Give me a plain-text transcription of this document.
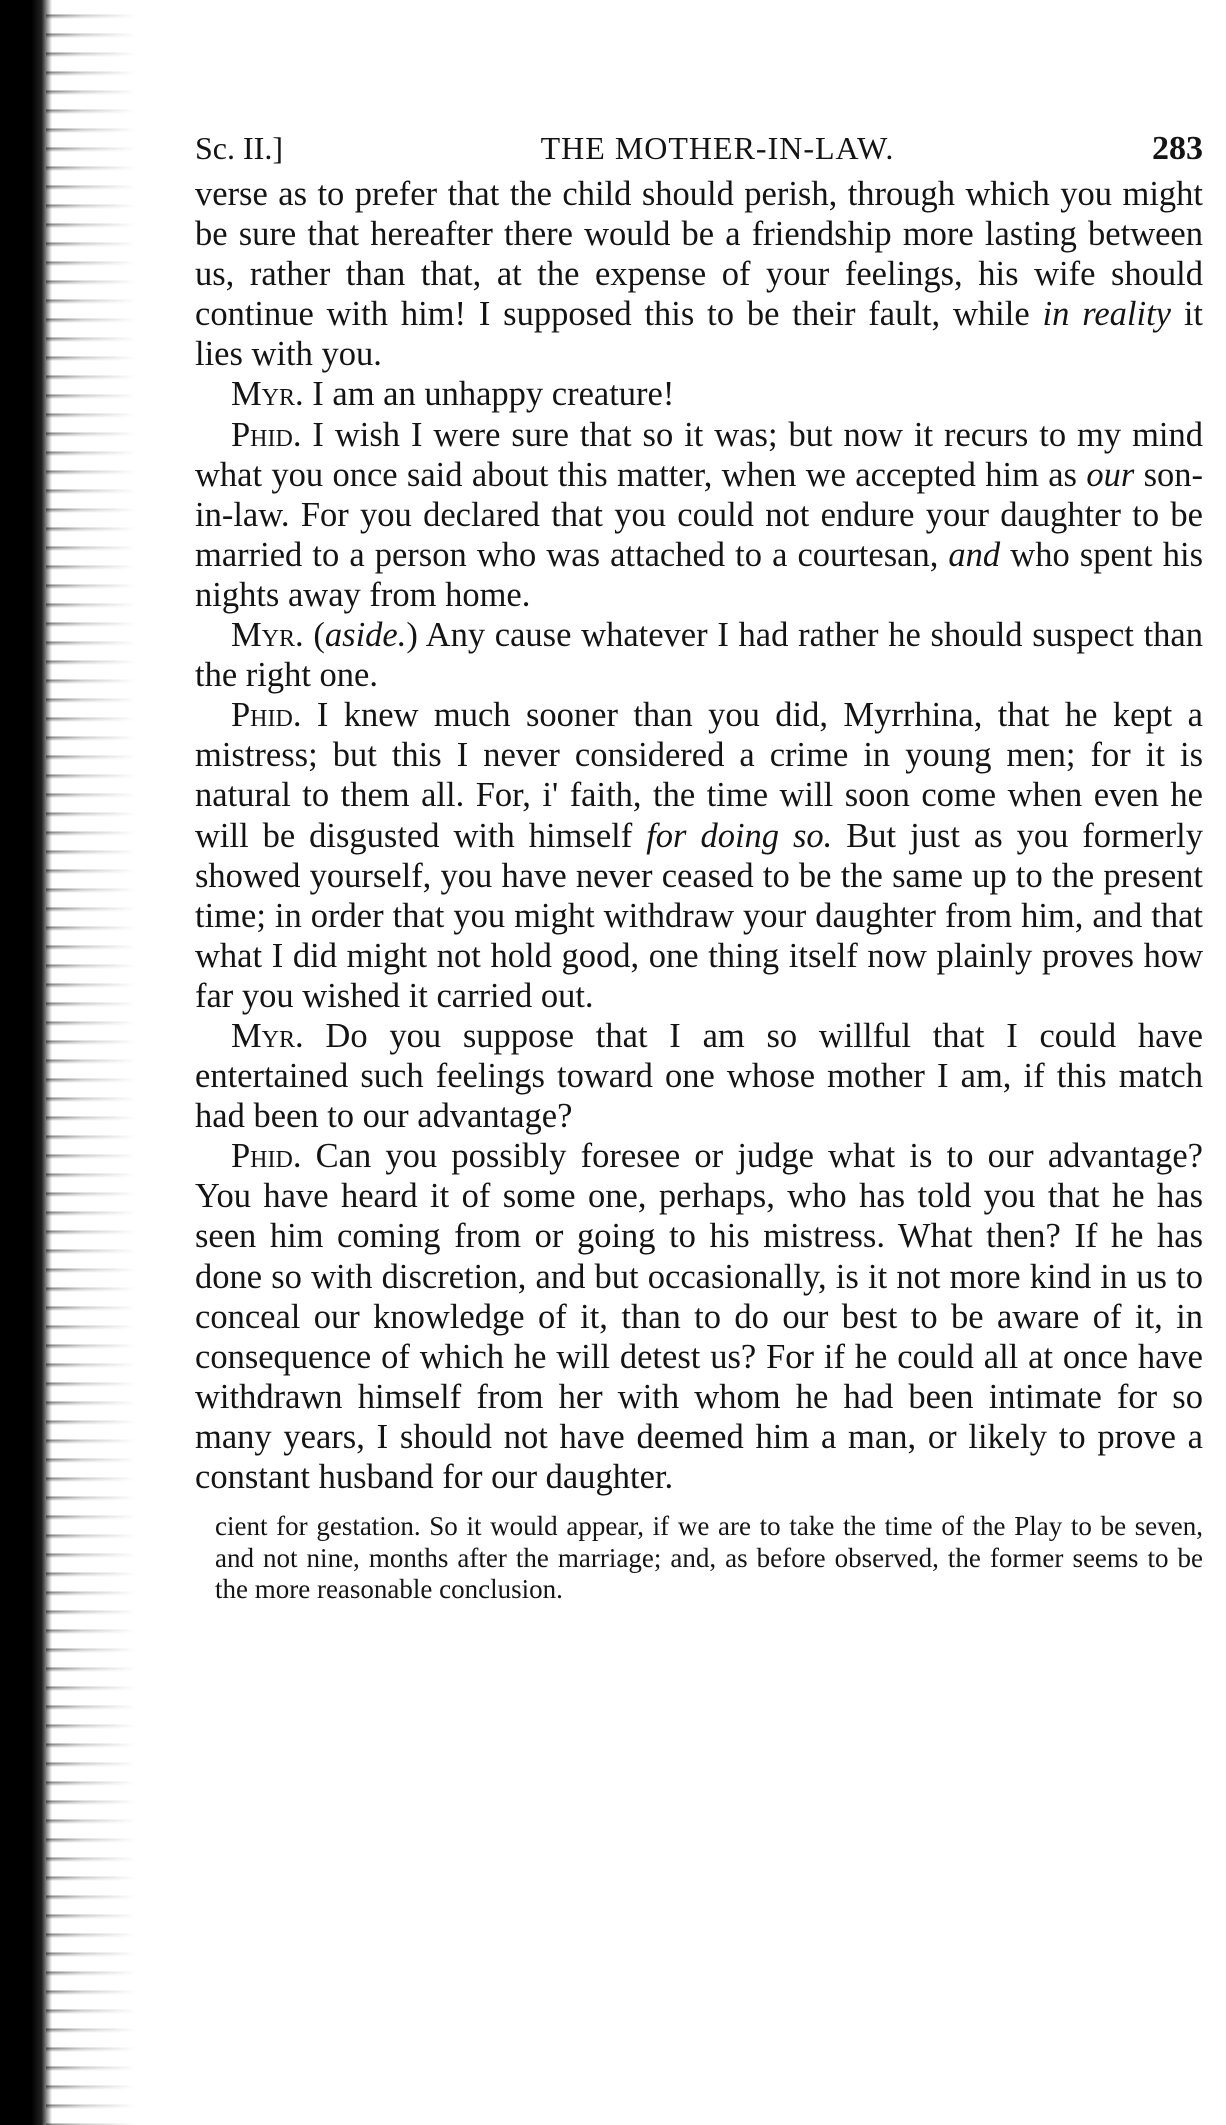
Sc. II.]	THE MOTHER-IN-LAW.	283

verse as to prefer that the child should perish, through which you might be sure that hereafter there would be a friendship more lasting between us, rather than that, at the expense of your feelings, his wife should continue with him! I supposed this to be their fault, while in reality it lies with you.

Myr. I am an unhappy creature!

Phid. I wish I were sure that so it was; but now it recurs to my mind what you once said about this matter, when we accepted him as our son-in-law. For you declared that you could not endure your daughter to be married to a person who was attached to a courtesan, and who spent his nights away from home.

Myr. (aside.) Any cause whatever I had rather he should suspect than the right one.

Phid. I knew much sooner than you did, Myrrhina, that he kept a mistress; but this I never considered a crime in young men; for it is natural to them all. For, i' faith, the time will soon come when even he will be disgusted with himself for doing so. But just as you formerly showed yourself, you have never ceased to be the same up to the present time; in order that you might withdraw your daughter from him, and that what I did might not hold good, one thing itself now plainly proves how far you wished it carried out.

Myr. Do you suppose that I am so willful that I could have entertained such feelings toward one whose mother I am, if this match had been to our advantage?

Phid. Can you possibly foresee or judge what is to our advantage? You have heard it of some one, perhaps, who has told you that he has seen him coming from or going to his mistress. What then? If he has done so with discretion, and but occasionally, is it not more kind in us to conceal our knowledge of it, than to do our best to be aware of it, in consequence of which he will detest us? For if he could all at once have withdrawn himself from her with whom he had been intimate for so many years, I should not have deemed him a man, or likely to prove a constant husband for our daughter.

cient for gestation. So it would appear, if we are to take the time of the Play to be seven, and not nine, months after the marriage; and, as before observed, the former seems to be the more reasonable conclusion.
